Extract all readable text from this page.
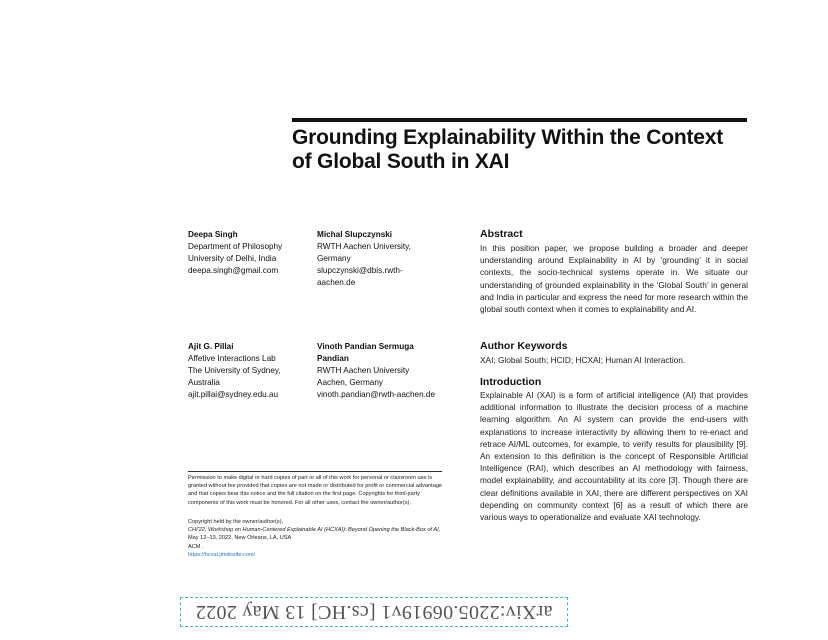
Grounding Explainability Within the Context of Global South in XAI
Deepa Singh
Department of Philosophy
University of Delhi, India
deepa.singh@gmail.com
Michal Slupczynski
RWTH Aachen University,
Germany
slupczynski@dbis.rwth-
aachen.de
Ajit G. Pillai
Affetive Interactions Lab
The University of Sydney,
Australia
ajit.pillai@sydney.edu.au
Vinoth Pandian Sermuga Pandian
RWTH Aachen University
Aachen, Germany
vinoth.pandian@rwth-aachen.de
Abstract

In this position paper, we propose building a broader and deeper understanding around Explainability in AI by ‘grounding’ it in social contexts, the socio-technical systems operate in. We situate our understanding of grounded explainability in the ‘Global South’ in general and India in particular and express the need for more research within the global south context when it comes to explainability and AI.

Author Keywords

XAI; Global South; HCID; HCXAI; Human AI Interaction.

Introduction

Explainable AI (XAI) is a form of artificial intelligence (AI) that provides additional information to illustrate the decision process of a machine learning algorithm. An AI system can provide the end-users with explanations to increase interactivity by allowing them to re-enact and retrace AI/ML outcomes, for example, to verify results for plausibility [9]. An extension to this definition is the concept of Responsible Artificial Intelligence (RAI), which describes an AI methodology with fairness, model explainability, and accountability at its core [3]. Though there are clear definitions available in XAI, there are different perspectives on XAI depending on community context [6] as a result of which there are various ways to operationalize and evaluate XAI technology.

Permission to make digital or hard copies of part or all of this work for personal or classroom use is granted without fee provided that copies are not made or distributed for profit or commercial advantage and that copies bear this notice and the full citation on the first page. Copyrights for third-party components of this work must be honored. For all other uses, contact the owner/author(s).
Copyright held by the owner/author(s).
CHI'22, Workshop on Human-Centered Explainable AI (HCXAI): Beyond Opening the Black-Box of AI, May 12–13, 2022, New Orleans, LA, USA
ACM .
https://hcxai.jimdosite.com/
arXiv:2205.06919v1 [cs.HC] 13 May 2022
